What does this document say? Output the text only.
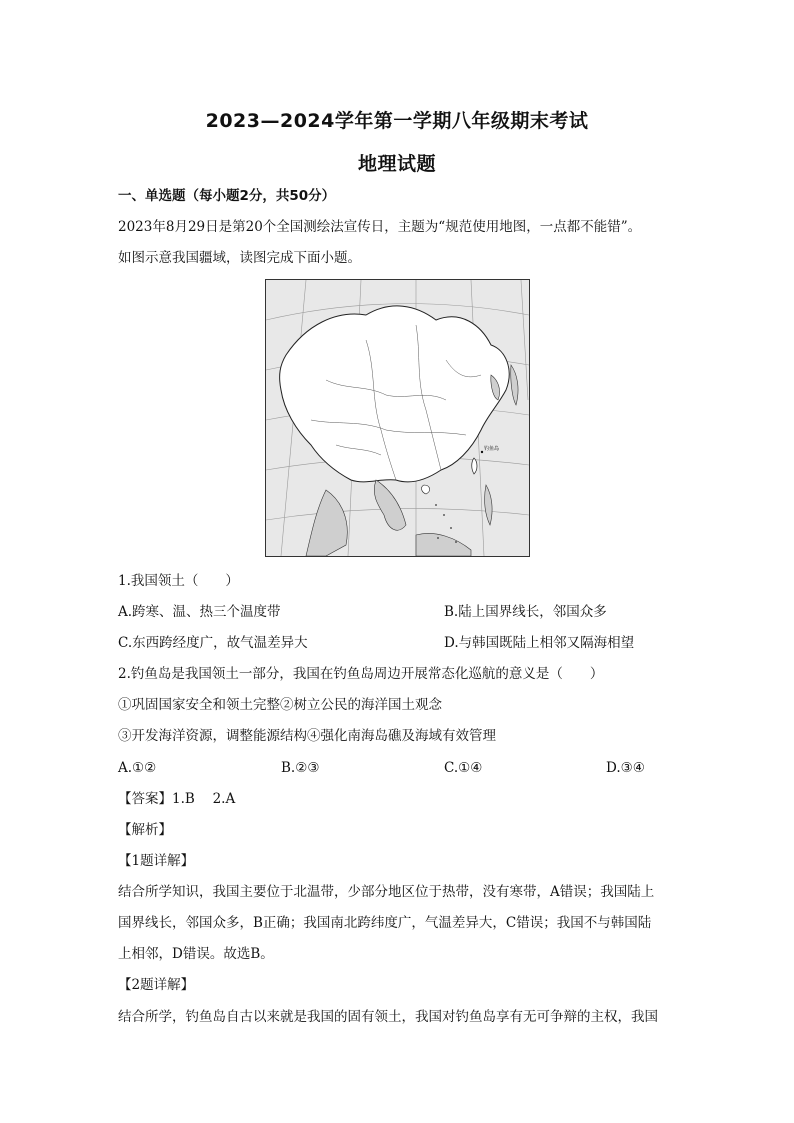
2023—2024学年第一学期八年级期末考试
地理试题
一、单选题（每小题2分，共50分）
2023年8月29日是第20个全国测绘法宣传日，主题为“规范使用地图，一点都不能错”。
如图示意我国疆域，读图完成下面小题。
钓鱼岛
1.我国领土（　　）
A.跨寒、温、热三个温度带	B.陆上国界线长，邻国众多
C.东西跨经度广，故气温差异大	D.与韩国既陆上相邻又隔海相望
2.钓鱼岛是我国领土一部分，我国在钓鱼岛周边开展常态化巡航的意义是（　　）
①巩固国家安全和领土完整②树立公民的海洋国土观念
③开发海洋资源，调整能源结构④强化南海岛礁及海域有效管理
A.①②	B.②③	C.①④	D.③④
【答案】1.B　 2.A
【解析】
【1题详解】
结合所学知识，我国主要位于北温带，少部分地区位于热带，没有寒带，A错误；我国陆上
国界线长，邻国众多，B正确；我国南北跨纬度广，气温差异大，C错误；我国不与韩国陆
上相邻，D错误。故选B。
【2题详解】
结合所学，钓鱼岛自古以来就是我国的固有领土，我国对钓鱼岛享有无可争辩的主权，我国
